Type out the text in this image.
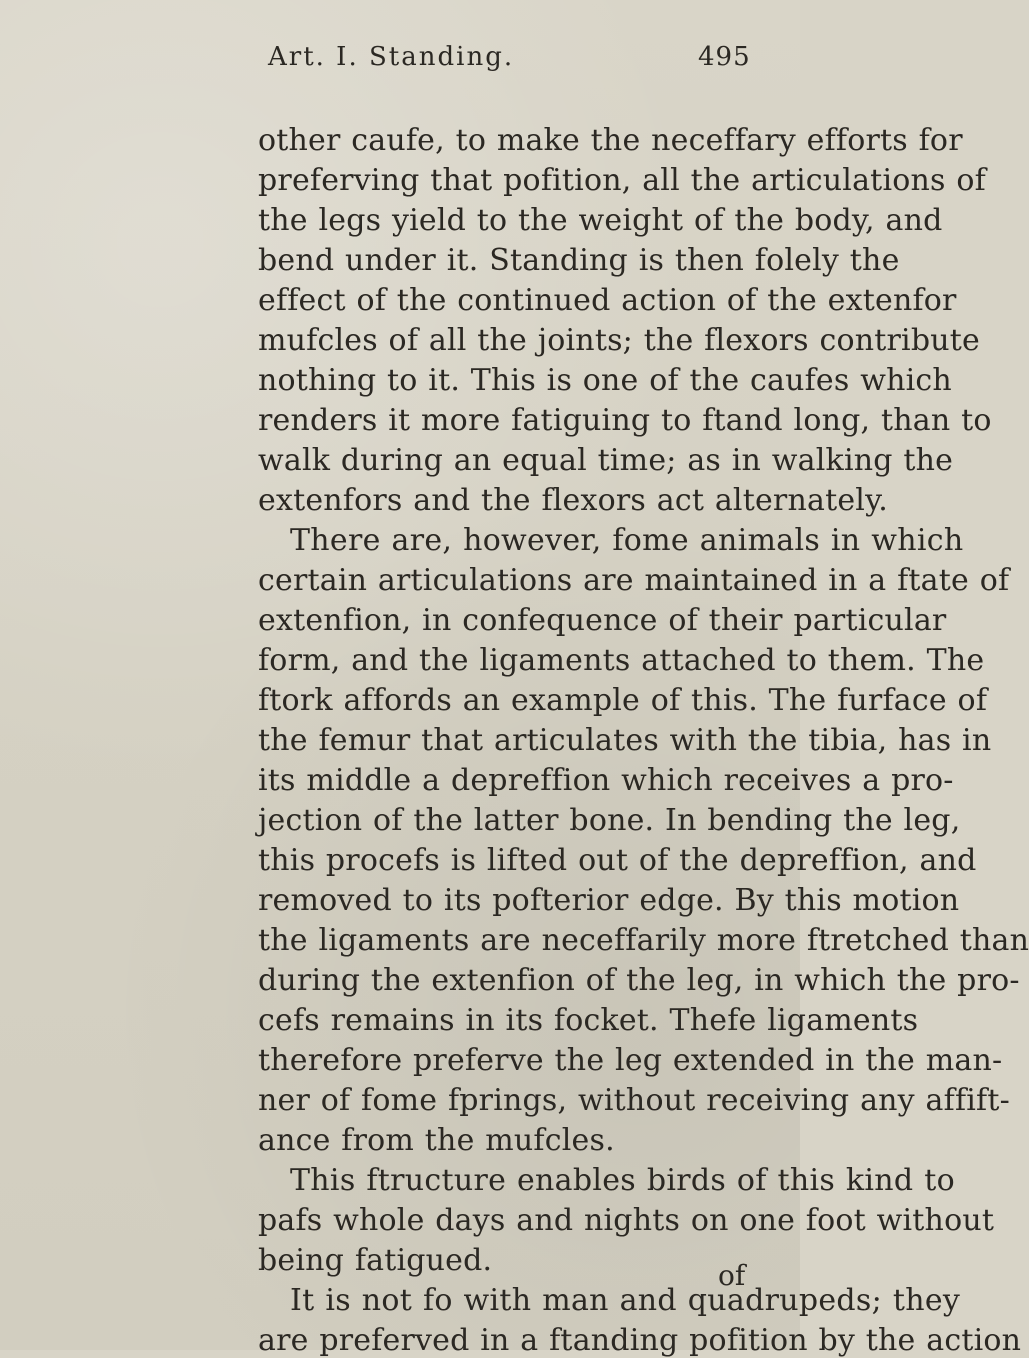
Art. I. Standing.	495
other caufe, to make the neceffary efforts for
preferving that pofition, all the articulations of
the legs yield to the weight of the body, and
bend under it. Standing is then folely the
effect of the continued action of the extenfor
mufcles of all the joints; the flexors contribute
nothing to it. This is one of the caufes which
renders it more fatiguing to ftand long, than to
walk during an equal time; as in walking the
extenfors and the flexors act alternately.
There are, however, fome animals in which
certain articulations are maintained in a ftate of
extenfion, in confequence of their particular
form, and the ligaments attached to them. The
ftork affords an example of this. The furface of
the femur that articulates with the tibia, has in
its middle a depreffion which receives a pro-
jection of the latter bone. In bending the leg,
this procefs is lifted out of the depreffion, and
removed to its pofterior edge. By this motion
the ligaments are neceffarily more ftretched than
during the extenfion of the leg, in which the pro-
cefs remains in its focket. Thefe ligaments
therefore preferve the leg extended in the man-
ner of fome fprings, without receiving any affift-
ance from the mufcles.
This ftructure enables birds of this kind to
pafs whole days and nights on one foot without
being fatigued.
It is not fo with man and quadrupeds; they
are preferved in a ftanding pofition by the action
of
